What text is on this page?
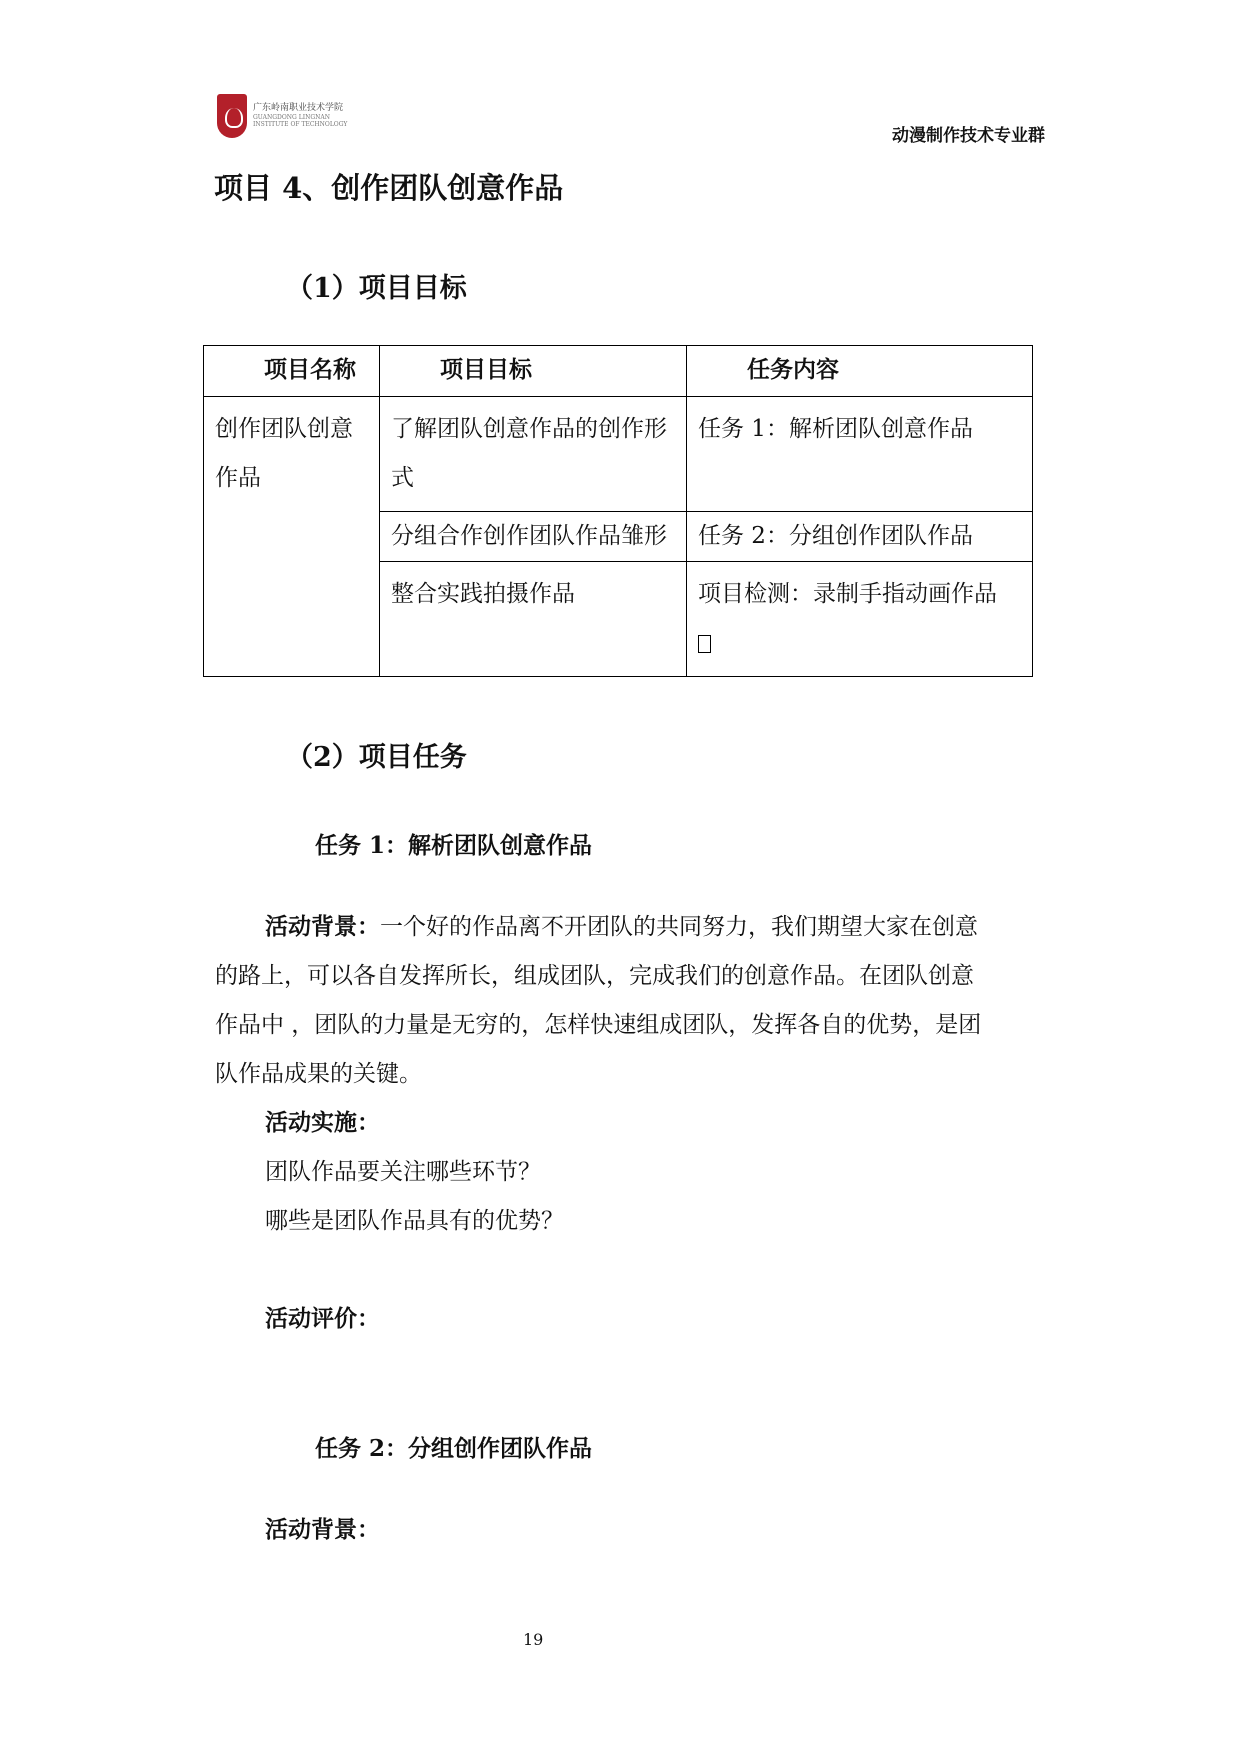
广东岭南职业技术学院
GUANGDONG LINGNAN
INSTITUTE OF TECHNOLOGY
动漫制作技术专业群
项目 4、创作团队创意作品
（1）项目目标
项目名称	项目目标	任务内容

创作团队创意作品	了解团队创意作品的创作形式	任务 1：解析团队创意作品
	分组合作创作团队作品雏形	任务 2：分组创作团队作品
	整合实践拍摄作品	项目检测：录制手指动画作品

（2）项目任务
任务 1：解析团队创意作品
活动背景：一个好的作品离不开团队的共同努力，我们期望大家在创意
的路上，可以各自发挥所长，组成团队，完成我们的创意作品。在团队创意
作品中 ，团队的力量是无穷的，怎样快速组成团队，发挥各自的优势，是团
队作品成果的关键。
活动实施：
团队作品要关注哪些环节？
哪些是团队作品具有的优势？
活动评价：
任务 2：分组创作团队作品
活动背景：
19
